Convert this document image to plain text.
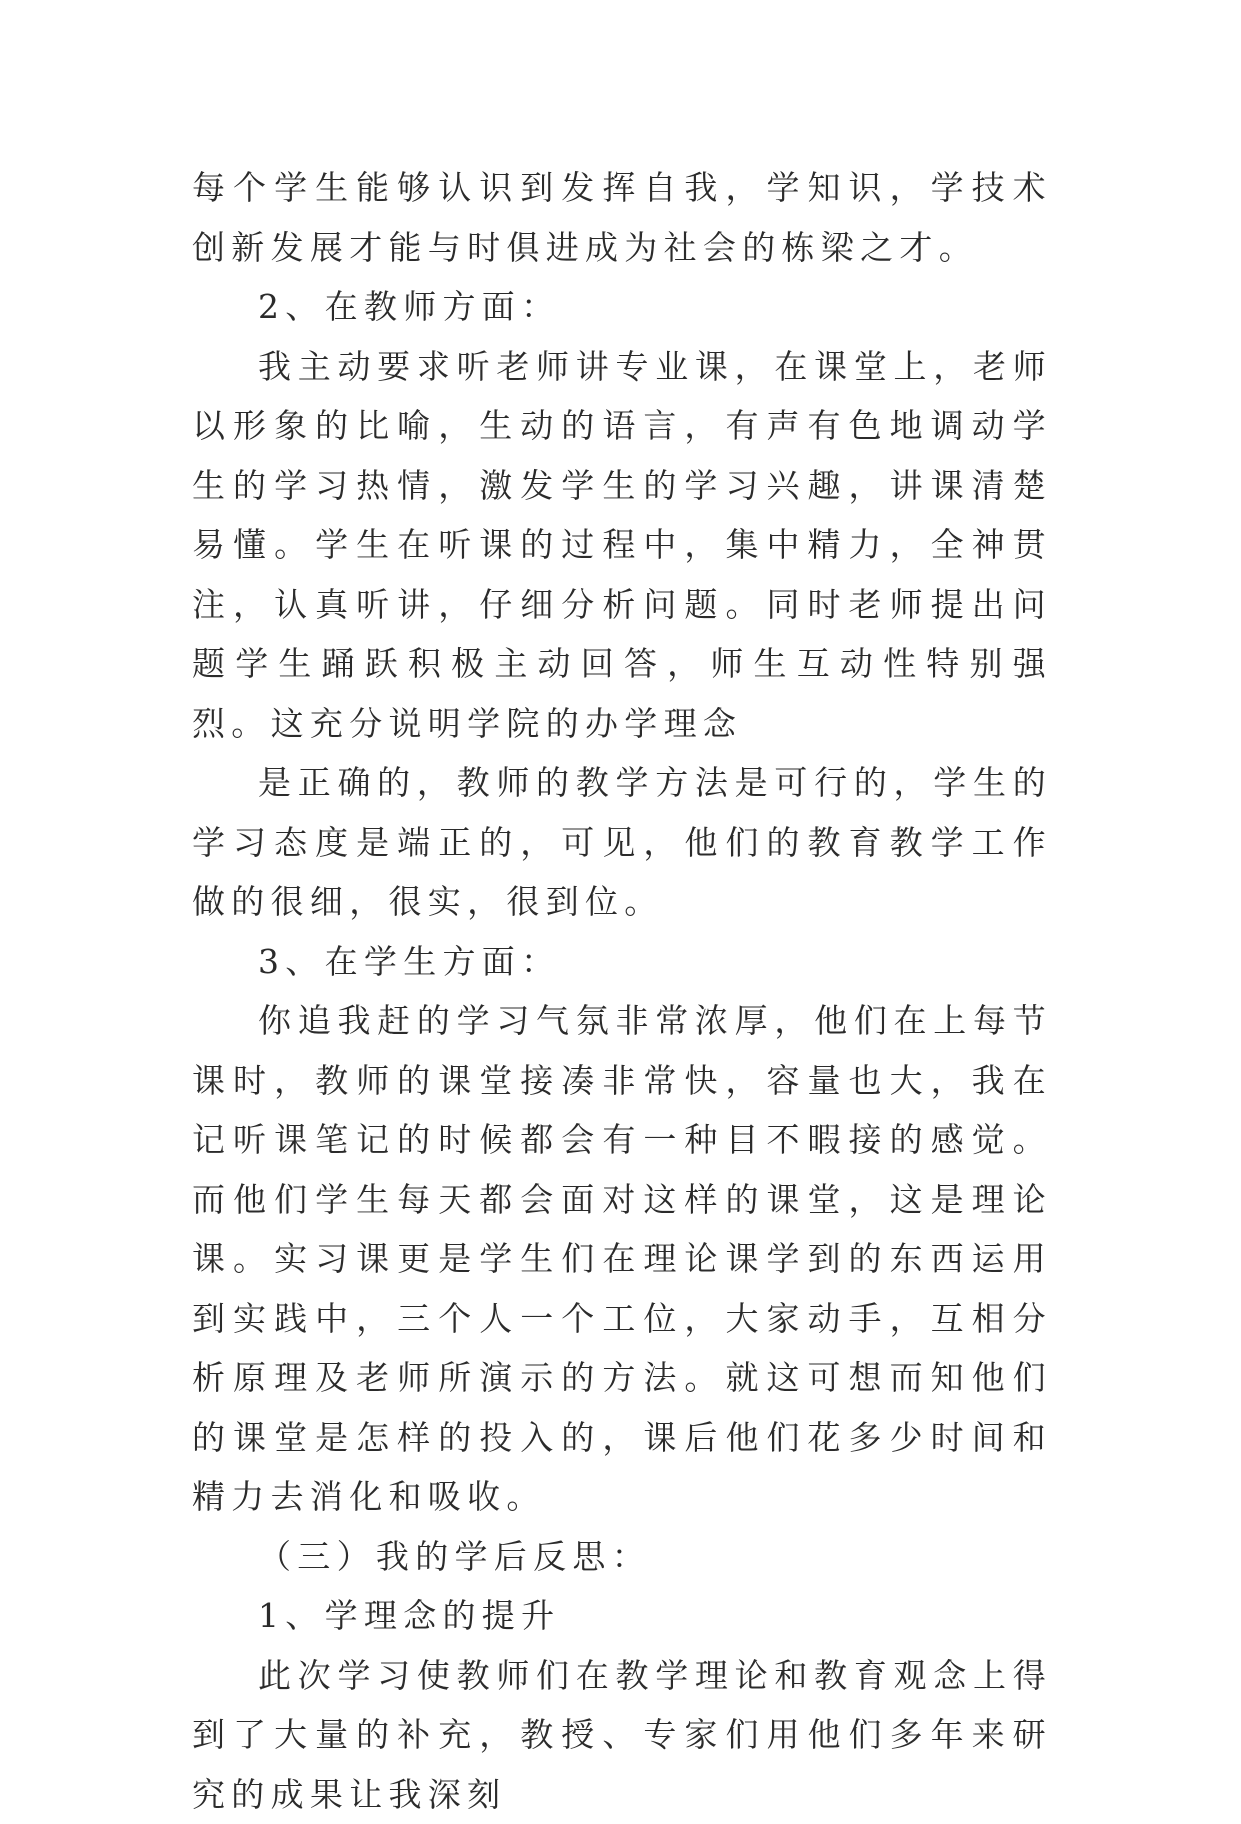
每个学生能够认识到发挥自我，学知识，学技术创新发展才能与时俱进成为社会的栋梁之才。

2、在教师方面：

我主动要求听老师讲专业课，在课堂上，老师以形象的比喻，生动的语言，有声有色地调动学生的学习热情，激发学生的学习兴趣，讲课清楚易懂。学生在听课的过程中，集中精力，全神贯注，认真听讲，仔细分析问题。同时老师提出问题学生踊跃积极主动回答，师生互动性特别强烈。这充分说明学院的办学理念

是正确的，教师的教学方法是可行的，学生的学习态度是端正的，可见，他们的教育教学工作做的很细，很实，很到位。

3、在学生方面：

你追我赶的学习气氛非常浓厚，他们在上每节课时，教师的课堂接凑非常快，容量也大，我在记听课笔记的时候都会有一种目不暇接的感觉。而他们学生每天都会面对这样的课堂，这是理论课。实习课更是学生们在理论课学到的东西运用到实践中，三个人一个工位，大家动手，互相分析原理及老师所演示的方法。就这可想而知他们的课堂是怎样的投入的，课后他们花多少时间和精力去消化和吸收。

（三）我的学后反思：

1、学理念的提升

此次学习使教师们在教学理论和教育观念上得到了大量的补充，教授、专家们用他们多年来研究的成果让我深刻
